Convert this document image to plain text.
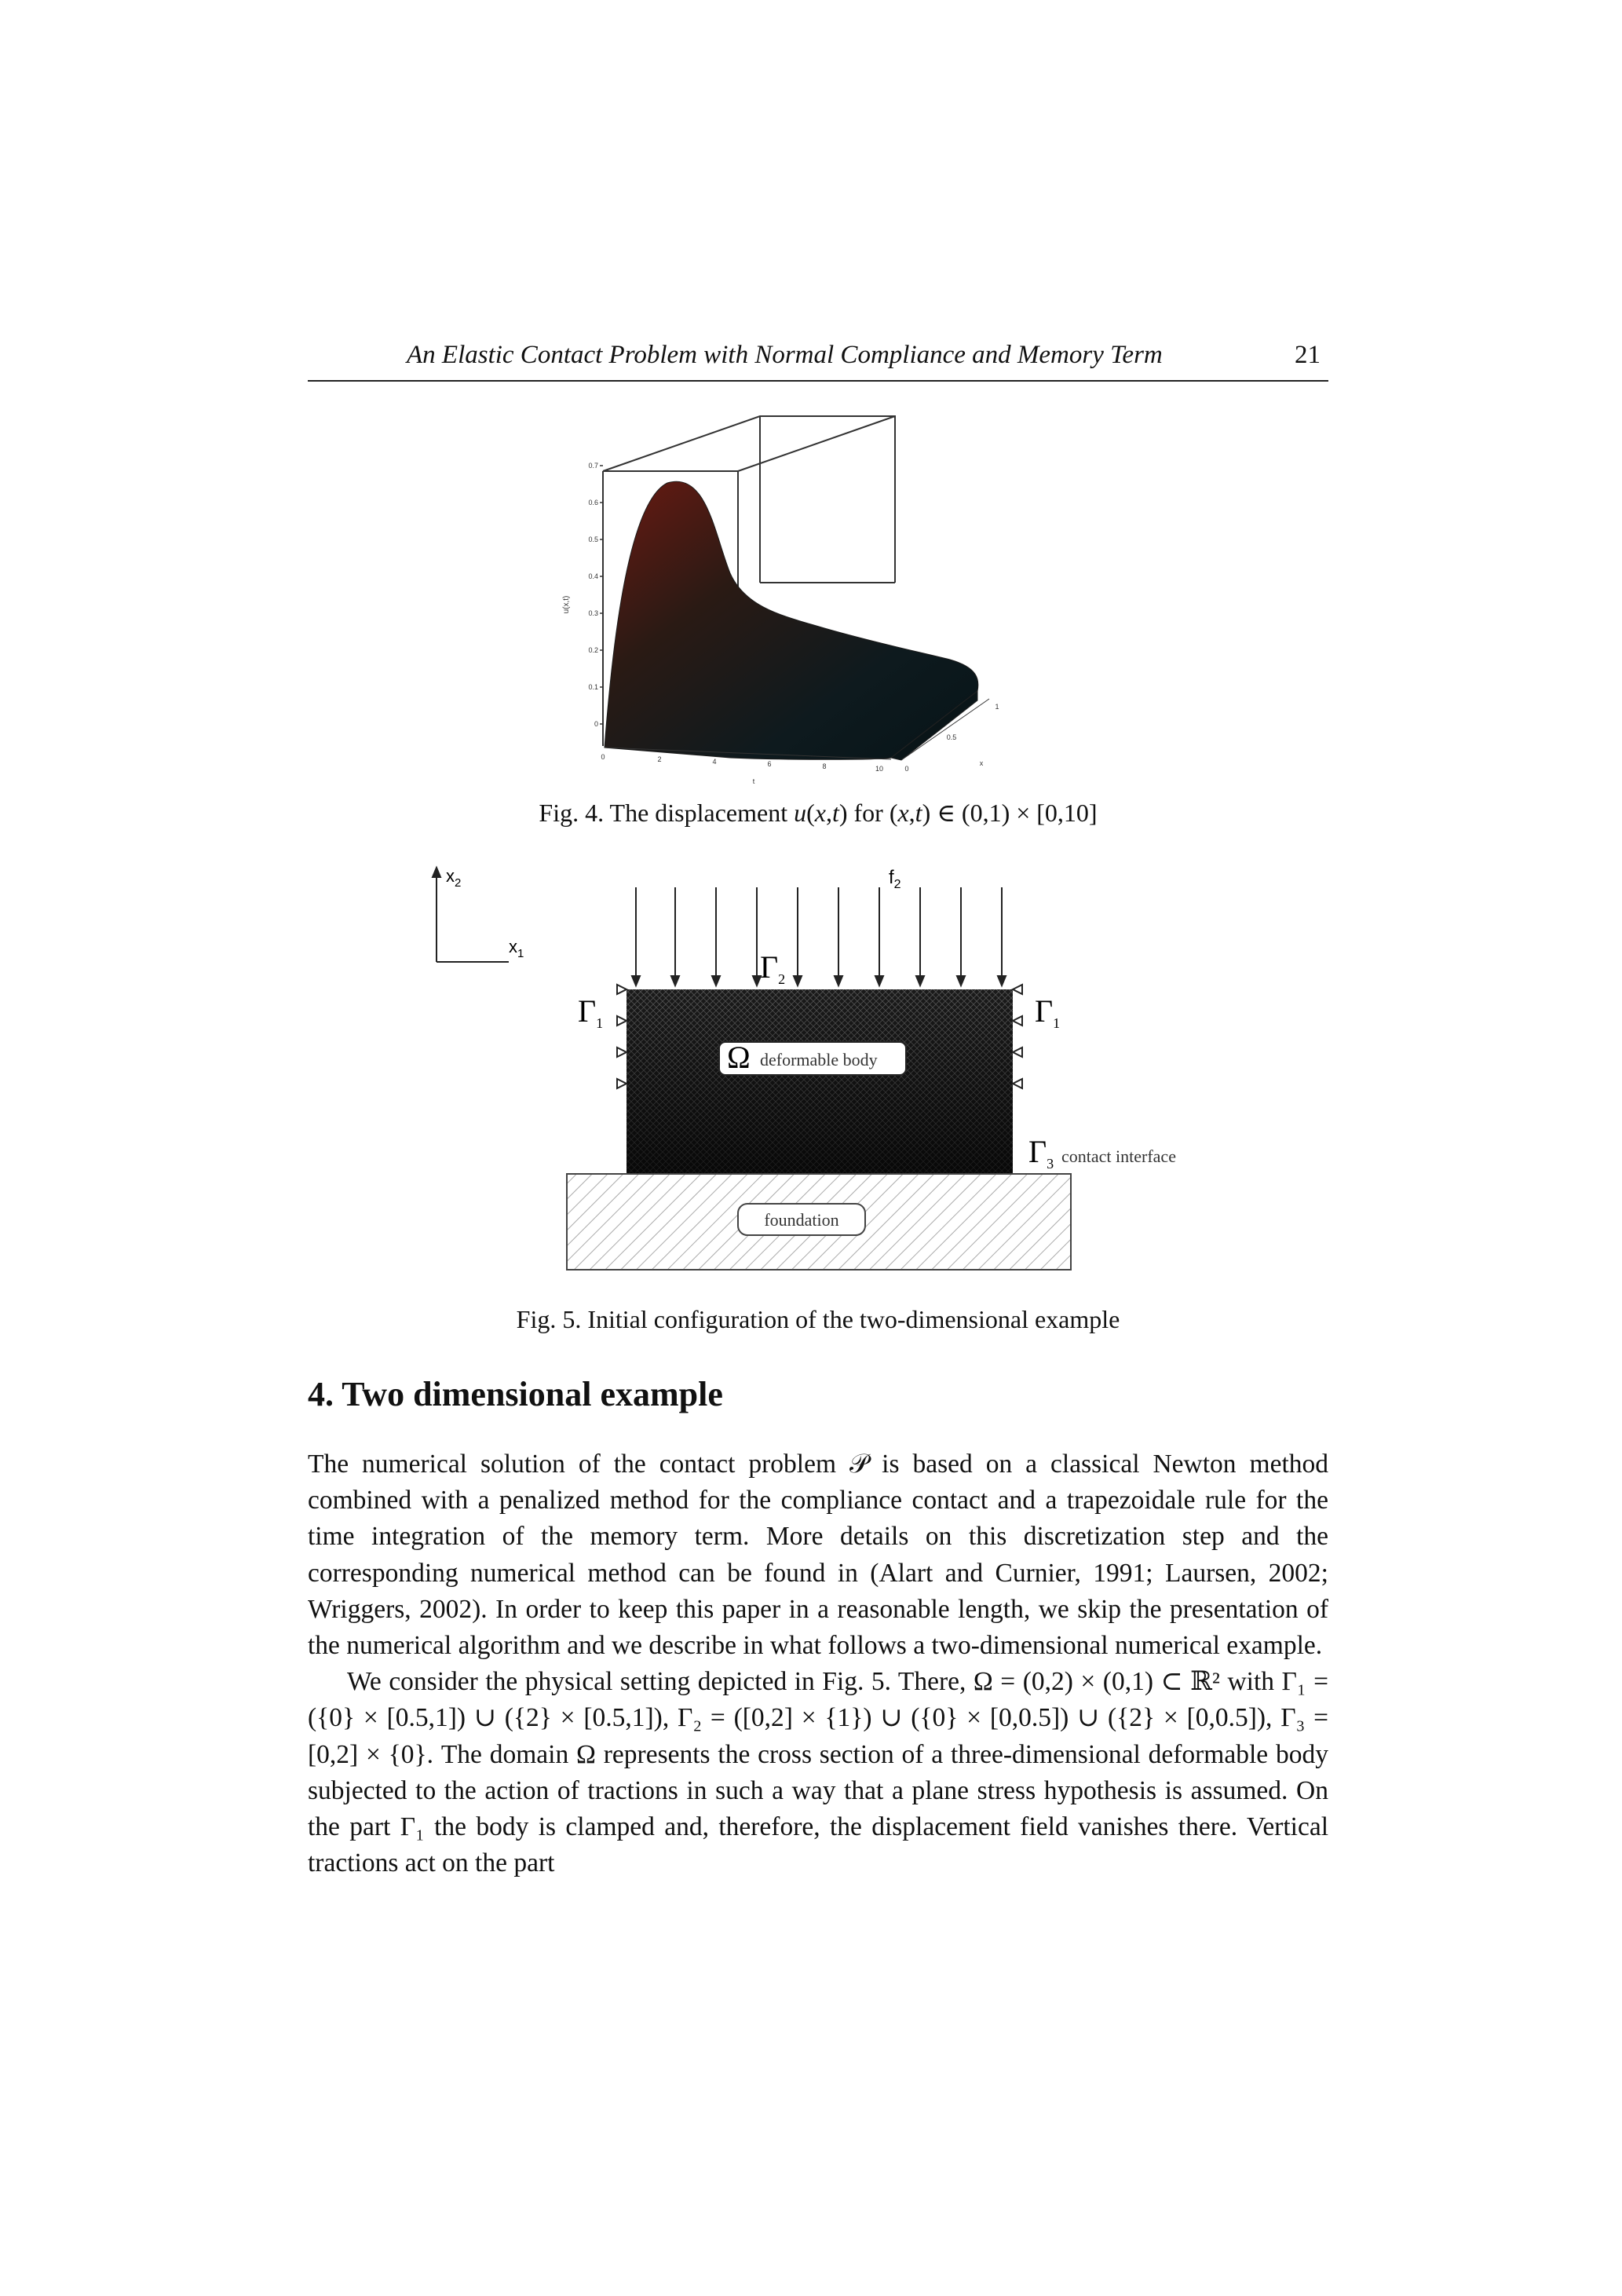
An Elastic Contact Problem with Normal Compliance and Memory Term	21
0.7
0.6
0.5
0.4
0.3
0.2
0.1
0
u(x,t)
0	2	4	6	8	10
t
0
0.5
1
x
Fig. 4. The displacement u(x,t) for (x,t) ∈ (0,1) × [0,10]
$x_2$
$x_1$
$f_2$
$\Gamma_2$
$\Gamma_1$	$\Gamma_1$
$\Gamma_3$
Ω deformable body
contact interface
foundation
Fig. 5. Initial configuration of the two-dimensional example
4. Two dimensional example

The numerical solution of the contact problem 𝒫 is based on a classical Newton method combined with a penalized method for the compliance contact and a trapezoidale rule for the time integration of the memory term. More details on this discretization step and the corresponding numerical method can be found in (Alart and Curnier, 1991; Laursen, 2002; Wriggers, 2002). In order to keep this paper in a reasonable length, we skip the presentation of the numerical algorithm and we describe in what follows a two-dimensional numerical example.

We consider the physical setting depicted in Fig. 5. There, Ω = (0,2) × (0,1) ⊂ ℝ² with Γ₁ = ({0} × [0.5,1]) ∪ ({2} × [0.5,1]), Γ₂ = ([0,2] × {1}) ∪ ({0} × [0,0.5]) ∪ ({2} × [0,0.5]), Γ₃ = [0,2] × {0}. The domain Ω represents the cross section of a three-dimensional deformable body subjected to the action of tractions in such a way that a plane stress hypothesis is assumed. On the part Γ₁ the body is clamped and, therefore, the displacement field vanishes there. Vertical tractions act on the part
